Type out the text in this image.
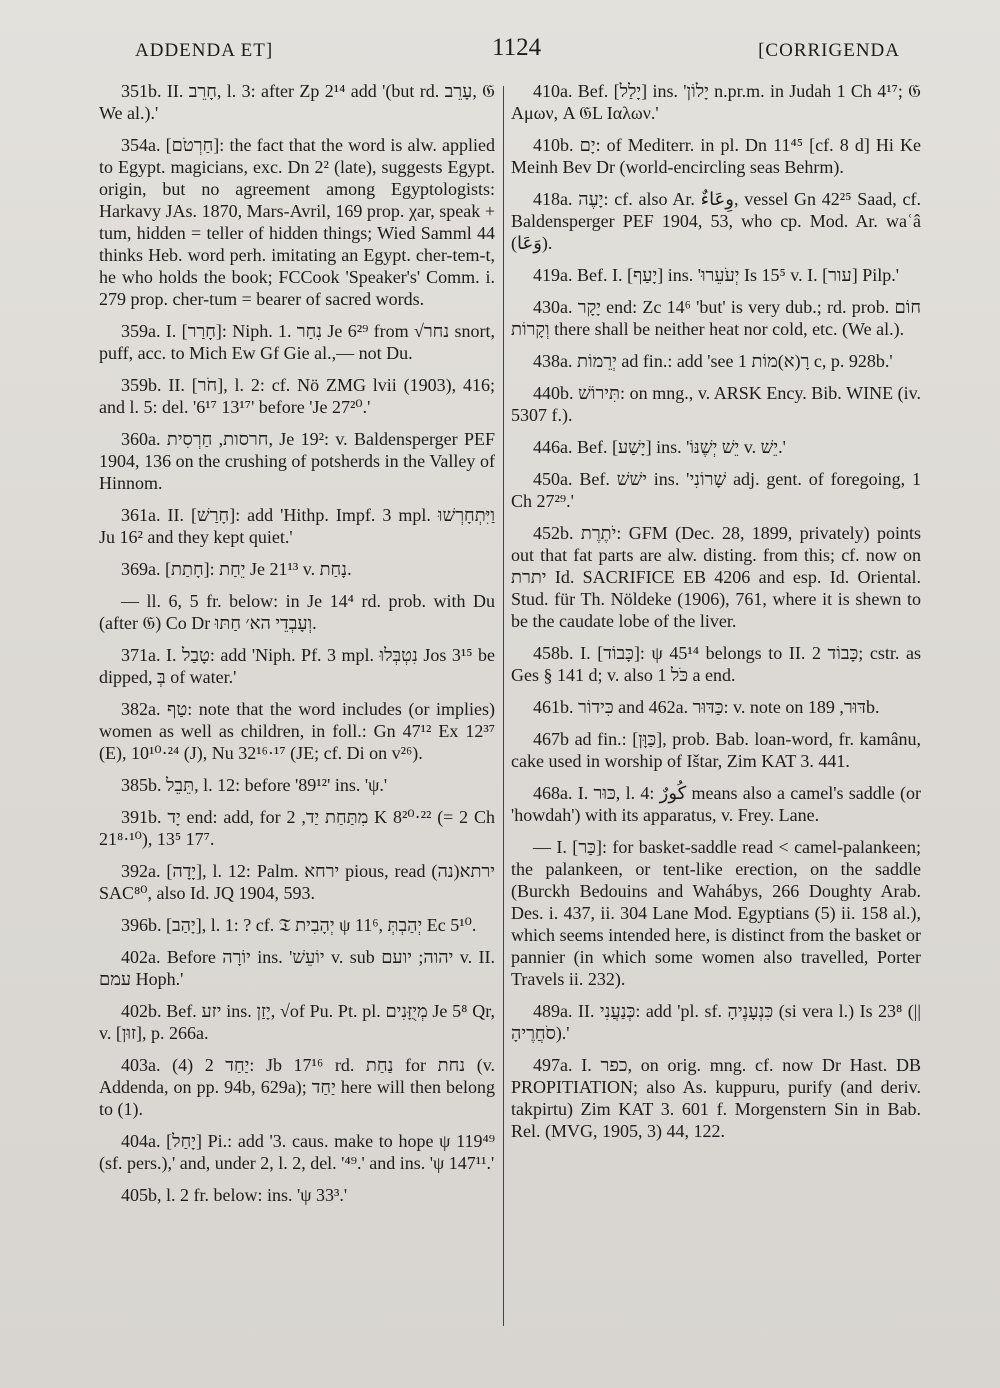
ADDENDA ET]	1124	[CORRIGENDA

351b. II. חָרֵב, l. 3: after Zp 2¹⁴ add '(but rd. עָרֵב, 𝔊 We al.).'

354a. [חַרְטֹם]: the fact that the word is alw. applied to Egypt. magicians, exc. Dn 2² (late), suggests Egypt. origin, but no agreement among Egyptologists: Harkavy JAs. 1870, Mars-Avril, 169 prop. χar, speak + tum, hidden = teller of hidden things; Wied Samml 44 thinks Heb. word perh. imitating an Egypt. cher-tem-t, he who holds the book; FCCook 'Speaker's' Comm. i. 279 prop. cher-tum = bearer of sacred words.

359a. I. [חָרַר]: Niph. 1. נִחַר Je 6²⁹ from √נחר snort, puff, acc. to Mich Ew Gf Gie al.,— not Du.

359b. II. [חֹר], l. 2: cf. Nö ZMG lvii (1903), 416; and l. 5: del. '6¹⁷ 13¹⁷' before 'Je 27²⁰.'

360a. חרסות, חַרְסִית, Je 19²: v. Baldensperger PEF 1904, 136 on the crushing of potsherds in the Valley of Hinnom.

361a. II. [חָרַשׁ]: add 'Hithp. Impf. 3 mpl. וַיִּתְחָרְשׁוּ Ju 16² and they kept quiet.'

369a. [חָתַת]: יֵחַת Je 21¹³ v. נָחַת.

— ll. 6, 5 fr. below: in Je 14⁴ rd. prob. with Du (after 𝔊) Co Dr וְעָבְדֵי הא׳ חַתּוּ.

371a. I. טָבַל: add 'Niph. Pf. 3 mpl. נִטְבְּלוּ Jos 3¹⁵ be dipped, בְּ of water.'

382a. טַף: note that the word includes (or implies) women as well as children, in foll.: Gn 47¹² Ex 12³⁷ (E), 10¹⁰·²⁴ (J), Nu 32¹⁶·¹⁷ (JE; cf. Di on v²⁶).

385b. תֵּבֵל, l. 12: before '89¹²' ins. 'ψ.'

391b. יָד end: add, for מִתַּחַת יַד, 2 K 8²⁰·²² (= 2 Ch 21⁸·¹⁰), 13⁵ 17⁷.

392a. [יָדָה], l. 12: Palm. ירחא pious, read (נה)ירתא SAC⁸⁰, also Id. JQ 1904, 593.

396b. [יָהַב], l. 1: ? cf. 𝔗 יְהָבִית ψ 11⁶, יְהַבְתְּ Ec 5¹⁰.

402a. Before יוֹרָה ins. 'יוֹעֵשׁ v. sub יהוה; יועם v. II. עמם Hoph.'

402b. Bef. יזע ins. יָזַן, √of Pu. Pt. pl. מְיֻזָּנִים Je 5⁸ Qr, v. [זוּן], p. 266a.

403a. יַחַד 2 (4): Jb 17¹⁶ rd. נַחַת for נחת (v. Addenda, on pp. 94b, 629a); יַחַד here will then belong to (1).

404a. [יָחַל] Pi.: add '3. caus. make to hope ψ 119⁴⁹ (sf. pers.),' and, under 2, l. 2, del. '⁴⁹.' and ins. 'ψ 147¹¹.'

405b, l. 2 fr. below: ins. 'ψ 33³.'

410a. Bef. [יָלַל] ins. 'יָלוֹן n.pr.m. in Judah 1 Ch 4¹⁷; 𝔊 Αμων, A 𝔊L Ιαλων.'

410b. יָם: of Mediterr. in pl. Dn 11⁴⁵ [cf. 8 d] Hi Ke Meinh Bev Dr (world-encircling seas Behrm).

418a. יָעֶה: cf. also Ar. وِعَاءٌ, vessel Gn 42²⁵ Saad, cf. Baldensperger PEF 1904, 53, who cp. Mod. Ar. waʿâ (وَعَا).

419a. Bef. I. [יָעַף] ins. 'יְעֹעֵרוּ Is 15⁵ v. I. [עור] Pilp.'

430a. יָקָר end: Zc 14⁶ 'but' is very dub.; rd. prob. חוֹם וְקָרוֹת there shall be neither heat nor cold, etc. (We al.).

438a. יְרֵמוֹת ad fin.: add 'see רָ(א)מוֹת 1 c, p. 928b.'

440b. תִּירוֹשׁ: on mng., v. ARSK Ency. Bib. WINE (iv. 5307 f.).

446a. Bef. [יָשַׁע] ins. 'יֵשׁ יְשֶׁנּוֹ v. יֵשׁ.'

450a. Bef. ישׁשׁ ins. 'שָׁרוֹנִי adj. gent. of foregoing, 1 Ch 27²⁹.'

452b. יֹתֶרֶת: GFM (Dec. 28, 1899, privately) points out that fat parts are alw. disting. from this; cf. now on יתרת Id. SACRIFICE EB 4206 and esp. Id. Oriental. Stud. für Th. Nöldeke (1906), 761, where it is shewn to be the caudate lobe of the liver.

458b. I. [כָּבוֹד]: ψ 45¹⁴ belongs to II. כָּבוֹד 2; cstr. as Ges § 141 d; v. also כֹּל 1 a end.

461b. כִּידוֹר and 462a. כַּדּוּר: v. note on דּוּר, 189b.

467b ad fin.: [כַּוָּן], prob. Bab. loan-word, fr. kamânu, cake used in worship of Ištar, Zim KAT 3. 441.

468a. I. כּוּר, l. 4: كُورٌ means also a camel's saddle (or 'howdah') with its apparatus, v. Frey. Lane.

— I. [כַּר]: for basket-saddle read < camel-palankeen; the palankeen, or tent-like erection, on the saddle (Burckh Bedouins and Wahábys, 266 Doughty Arab. Des. i. 437, ii. 304 Lane Mod. Egyptians (5) ii. 158 al.), which seems intended here, is distinct from the basket or pannier (in which some women also travelled, Porter Travels ii. 232).

489a. II. כְּנַעֲנִי: add 'pl. sf. כִּנְעָנֶיהָ (si vera l.) Is 23⁸ (|| סֹחֲרֶיהָ).'

497a. I. כפר, on orig. mng. cf. now Dr Hast. DB PROPITIATION; also As. kuppuru, purify (and deriv. takpirtu) Zim KAT 3. 601 f. Morgenstern Sin in Bab. Rel. (MVG, 1905, 3) 44, 122.
